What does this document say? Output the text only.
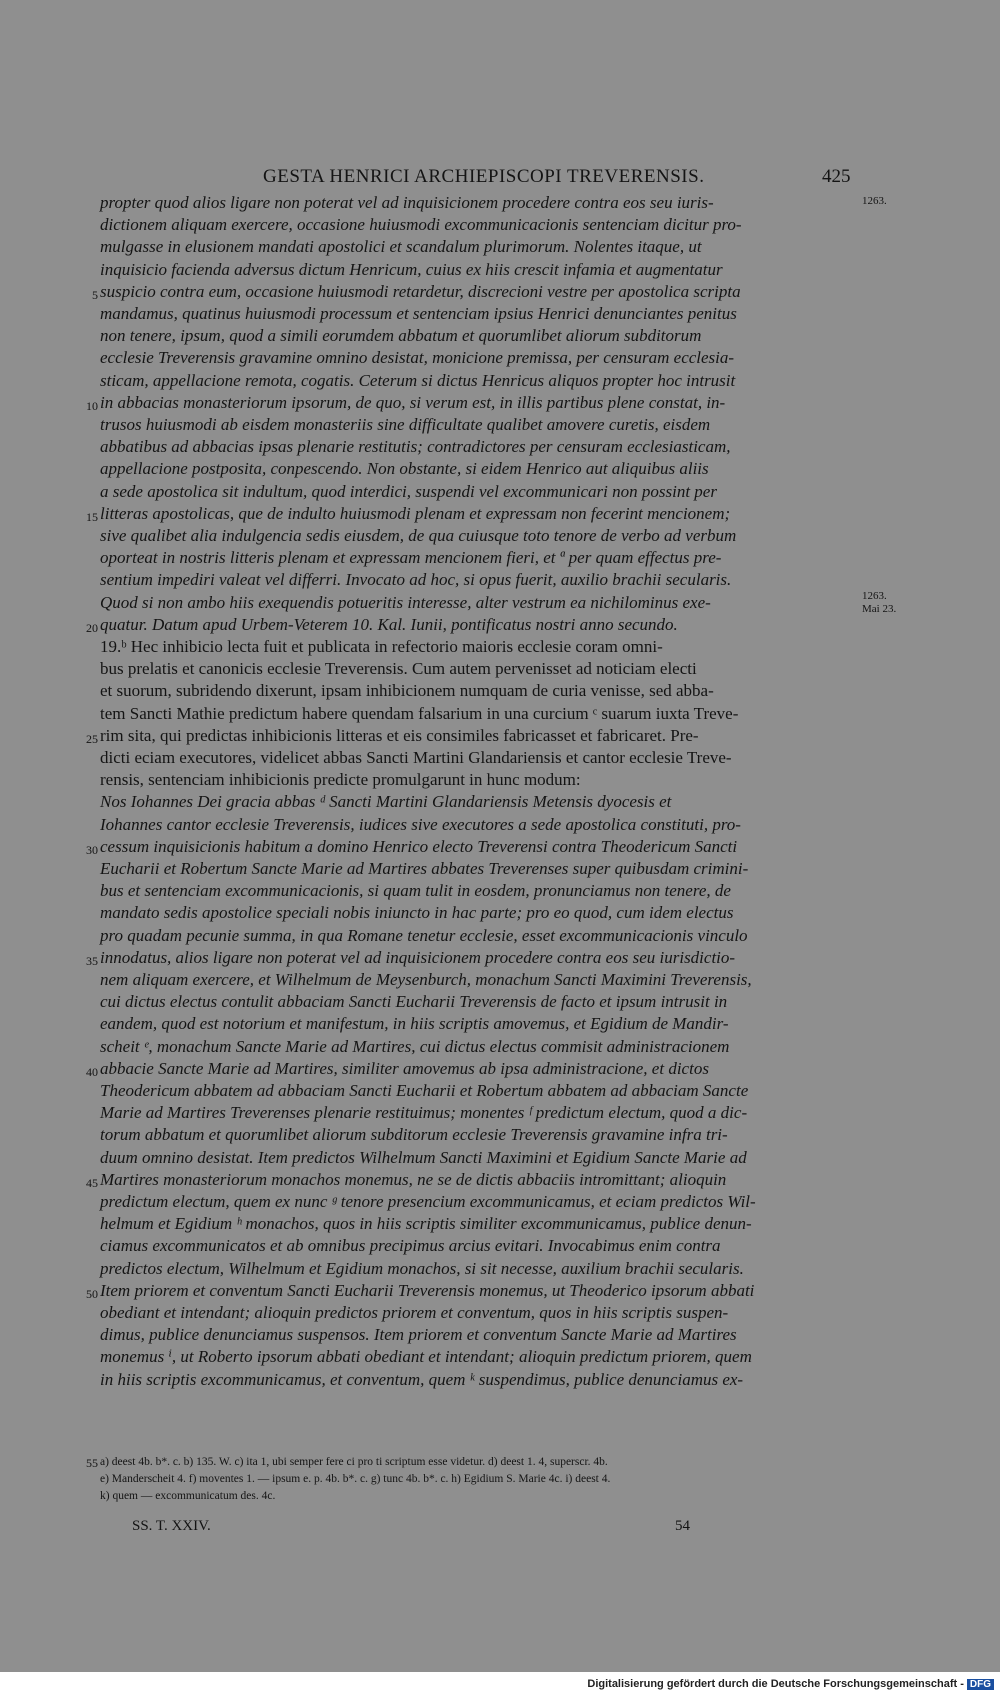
GESTA HENRICI ARCHIEPISCOPI TREVERENSIS.	425
1263.
1263.
Mai 23.
propter quod alios ligare non poterat vel ad inquisicionem procedere contra eos seu iuris-
dictionem aliquam exercere, occasione huiusmodi excommunicacionis sentenciam dicitur pro-
mulgasse in elusionem mandati apostolici et scandalum plurimorum. Nolentes itaque, ut
inquisicio facienda adversus dictum Henricum, cuius ex hiis crescit infamia et augmentatur
5 suspicio contra eum, occasione huiusmodi retardetur, discrecioni vestre per apostolica scripta
mandamus, quatinus huiusmodi processum et sentenciam ipsius Henrici denunciantes penitus
non tenere, ipsum, quod a simili eorumdem abbatum et quorumlibet aliorum subditorum
ecclesie Treverensis gravamine omnino desistat, monicione premissa, per censuram ecclesia-
sticam, appellacione remota, cogatis. Ceterum si dictus Henricus aliquos propter hoc intrusit
10 in abbacias monasteriorum ipsorum, de quo, si verum est, in illis partibus plene constat, in-
trusos huiusmodi ab eisdem monasteriis sine difficultate qualibet amovere curetis, eisdem
abbatibus ad abbacias ipsas plenarie restitutis; contradictores per censuram ecclesiasticam,
appellacione postposita, conpescendo. Non obstante, si eidem Henrico aut aliquibus aliis
a sede apostolica sit indultum, quod interdici, suspendi vel excommunicari non possint per
15 litteras apostolicas, que de indulto huiusmodi plenam et expressam non fecerint mencionem;
sive qualibet alia indulgencia sedis eiusdem, de qua cuiusque toto tenore de verbo ad verbum
oporteat in nostris litteris plenam et expressam mencionem fieri, et ª per quam effectus pre-
sentium impediri valeat vel differri. Invocato ad hoc, si opus fuerit, auxilio brachii secularis.
Quod si non ambo hiis exequendis potueritis interesse, alter vestrum ea nichilominus exe-
20 quatur. Datum apud Urbem-Veterem 10. Kal. Iunii, pontificatus nostri anno secundo.
19.ᵇ Hec inhibicio lecta fuit et publicata in refectorio maioris ecclesie coram omni-
bus prelatis et canonicis ecclesie Treverensis. Cum autem pervenisset ad noticiam electi
et suorum, subridendo dixerunt, ipsam inhibicionem numquam de curia venisse, sed abba-
tem Sancti Mathie predictum habere quendam falsarium in una curcium ᶜ suarum iuxta Treve-
25 rim sita, qui predictas inhibicionis litteras et eis consimiles fabricasset et fabricaret. Pre-
dicti eciam executores, videlicet abbas Sancti Martini Glandariensis et cantor ecclesie Treve-
rensis, sentenciam inhibicionis predicte promulgarunt in hunc modum:
Nos Iohannes Dei gracia abbas ᵈ Sancti Martini Glandariensis Metensis dyocesis et
Iohannes cantor ecclesie Treverensis, iudices sive executores a sede apostolica constituti, pro-
30 cessum inquisicionis habitum a domino Henrico electo Treverensi contra Theodericum Sancti
Eucharii et Robertum Sancte Marie ad Martires abbates Treverenses super quibusdam crimini-
bus et sentenciam excommunicacionis, si quam tulit in eosdem, pronunciamus non tenere, de
mandato sedis apostolice speciali nobis iniuncto in hac parte; pro eo quod, cum idem electus
pro quadam pecunie summa, in qua Romane tenetur ecclesie, esset excommunicacionis vinculo
35 innodatus, alios ligare non poterat vel ad inquisicionem procedere contra eos seu iurisdictio-
nem aliquam exercere, et Wilhelmum de Meysenburch, monachum Sancti Maximini Treverensis,
cui dictus electus contulit abbaciam Sancti Eucharii Treverensis de facto et ipsum intrusit in
eandem, quod est notorium et manifestum, in hiis scriptis amovemus, et Egidium de Mandir-
scheit ᵉ, monachum Sancte Marie ad Martires, cui dictus electus commisit administracionem
40 abbacie Sancte Marie ad Martires, similiter amovemus ab ipsa administracione, et dictos
Theodericum abbatem ad abbaciam Sancti Eucharii et Robertum abbatem ad abbaciam Sancte
Marie ad Martires Treverenses plenarie restituimus; monentes ᶠ predictum electum, quod a dic-
torum abbatum et quorumlibet aliorum subditorum ecclesie Treverensis gravamine infra tri-
duum omnino desistat. Item predictos Wilhelmum Sancti Maximini et Egidium Sancte Marie ad
45 Martires monasteriorum monachos monemus, ne se de dictis abbaciis intromittant; alioquin
predictum electum, quem ex nunc ᵍ tenore presencium excommunicamus, et eciam predictos Wil-
helmum et Egidium ʰ monachos, quos in hiis scriptis similiter excommunicamus, publice denun-
ciamus excommunicatos et ab omnibus precipimus arcius evitari. Invocabimus enim contra
predictos electum, Wilhelmum et Egidium monachos, si sit necesse, auxilium brachii secularis.
50 Item priorem et conventum Sancti Eucharii Treverensis monemus, ut Theoderico ipsorum abbati
obediant et intendant; alioquin predictos priorem et conventum, quos in hiis scriptis suspen-
dimus, publice denunciamus suspensos. Item priorem et conventum Sancte Marie ad Martires
monemus ⁱ, ut Roberto ipsorum abbati obediant et intendant; alioquin predictum priorem, quem
in hiis scriptis excommunicamus, et conventum, quem ᵏ suspendimus, publice denunciamus ex-
55 a) deest 4b. b*. c. b) 135. W. c) ita 1, ubi semper fere ci pro ti scriptum esse videtur. d) deest 1. 4, superscr. 4b.
e) Manderscheit 4. f) moventes 1. — ipsum e. p. 4b. b*. c. g) tunc 4b. b*. c. h) Egidium S. Marie 4c. i) deest 4.
k) quem — excommunicatum des. 4c.
SS. T. XXIV.	54
Digitalisierung gefördert durch die Deutsche Forschungsgemeinschaft - DFG
